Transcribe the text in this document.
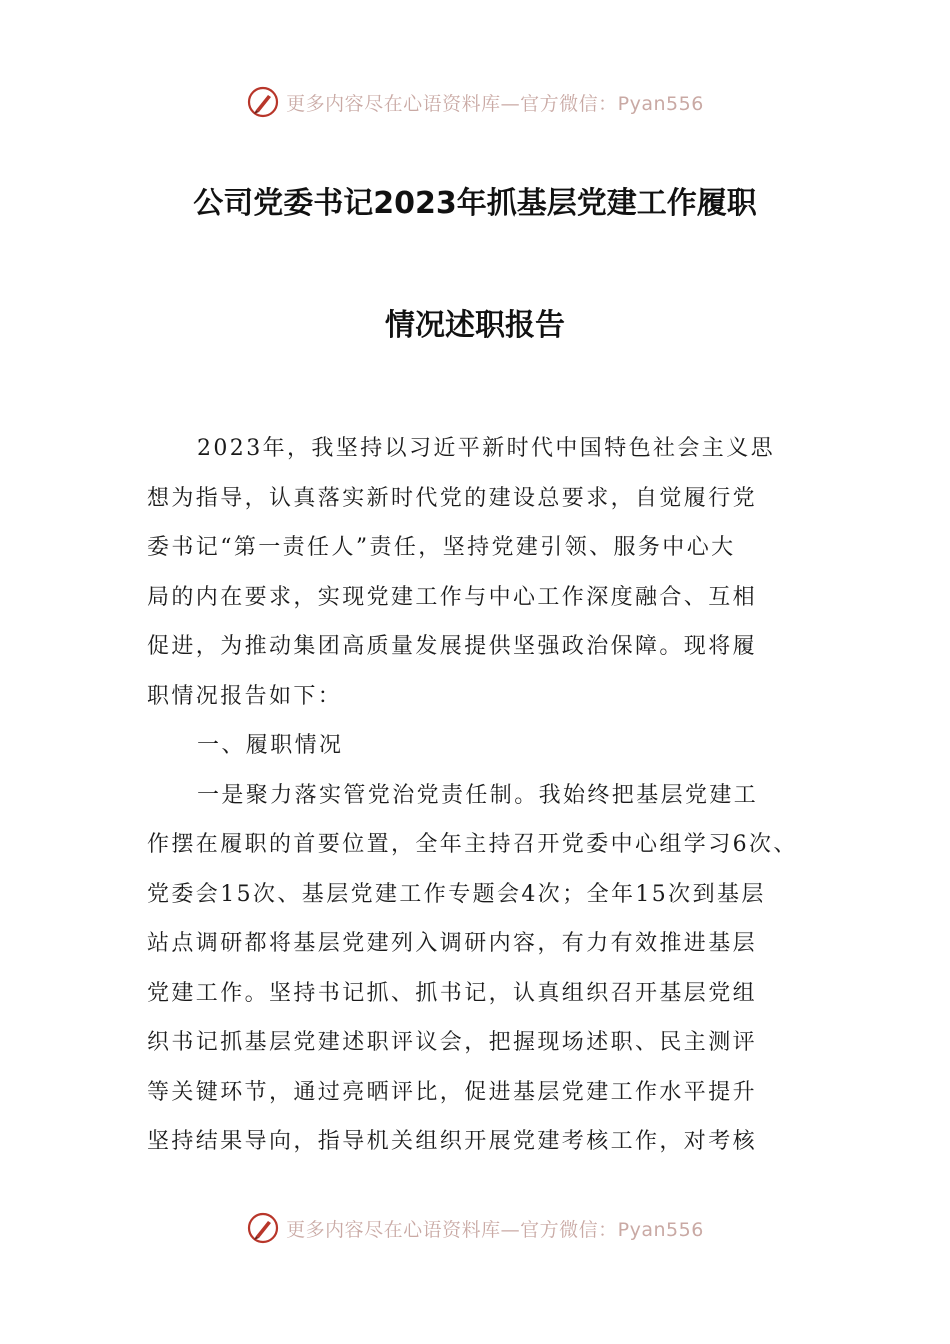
更多内容尽在心语资料库—官方微信：Pyan556
公司党委书记2023年抓基层党建工作履职
情况述职报告
2023年，我坚持以习近平新时代中国特色社会主义思
想为指导，认真落实新时代党的建设总要求，自觉履行党
委书记“第一责任人”责任，坚持党建引领、服务中心大
局的内在要求，实现党建工作与中心工作深度融合、互相
促进，为推动集团高质量发展提供坚强政治保障。现将履
职情况报告如下：
一、履职情况
一是聚力落实管党治党责任制。我始终把基层党建工
作摆在履职的首要位置，全年主持召开党委中心组学习6次、
党委会15次、基层党建工作专题会4次；全年15次到基层
站点调研都将基层党建列入调研内容，有力有效推进基层
党建工作。坚持书记抓、抓书记，认真组织召开基层党组
织书记抓基层党建述职评议会，把握现场述职、民主测评
等关键环节，通过亮晒评比，促进基层党建工作水平提升
坚持结果导向，指导机关组织开展党建考核工作，对考核
更多内容尽在心语资料库—官方微信：Pyan556
